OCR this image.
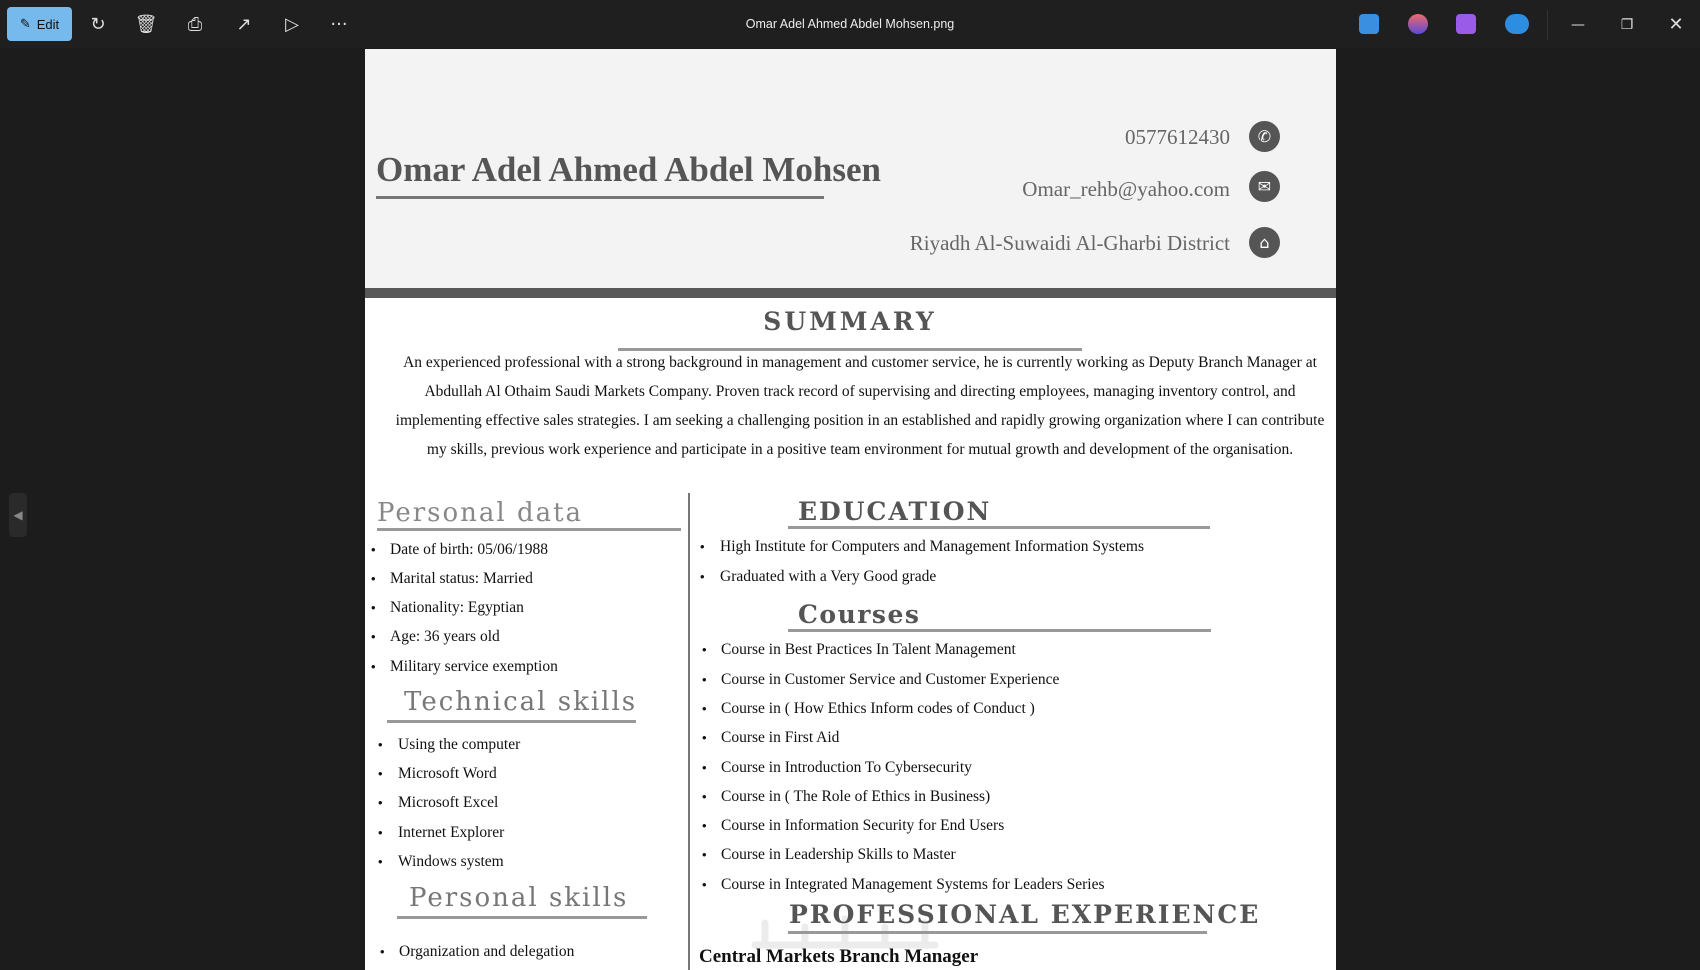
✎ Edit	↻	🗑	⎙	↗	▷	···	Omar Adel Ahmed Abdel Mohsen.png	—	❐	✕
◀
Omar Adel Ahmed Abdel Mohsen
0577612430	✆
Omar_rehb@yahoo.com	✉
Riyadh Al-Suwaidi Al-Gharbi District	⌂
SUMMARY
An experienced professional with a strong background in management and customer service, he is currently working as Deputy Branch Manager at Abdullah Al Othaim Saudi Markets Company. Proven track record of supervising and directing employees, managing inventory control, and implementing effective sales strategies. I am seeking a challenging position in an established and rapidly growing organization where I can contribute my skills, previous work experience and participate in a positive team environment for mutual growth and development of the organisation.
Personal data
• Date of birth: 05/06/1988
• Marital status: Married
• Nationality: Egyptian
• Age: 36 years old
• Military service exemption
Technical skills
• Using the computer
• Microsoft Word
• Microsoft Excel
• Internet Explorer
• Windows system
Personal skills
• Organization and delegation
EDUCATION
• High Institute for Computers and Management Information Systems
• Graduated with a Very Good grade
Courses
• Course in Best Practices In Talent Management
• Course in Customer Service and Customer Experience
• Course in ( How Ethics Inform codes of Conduct )
• Course in First Aid
• Course in Introduction To Cybersecurity
• Course in ( The Role of Ethics in Business)
• Course in Information Security for End Users
• Course in Leadership Skills to Master
• Course in Integrated Management Systems for Leaders Series
PROFESSIONAL EXPERIENCE
Central Markets Branch Manager
